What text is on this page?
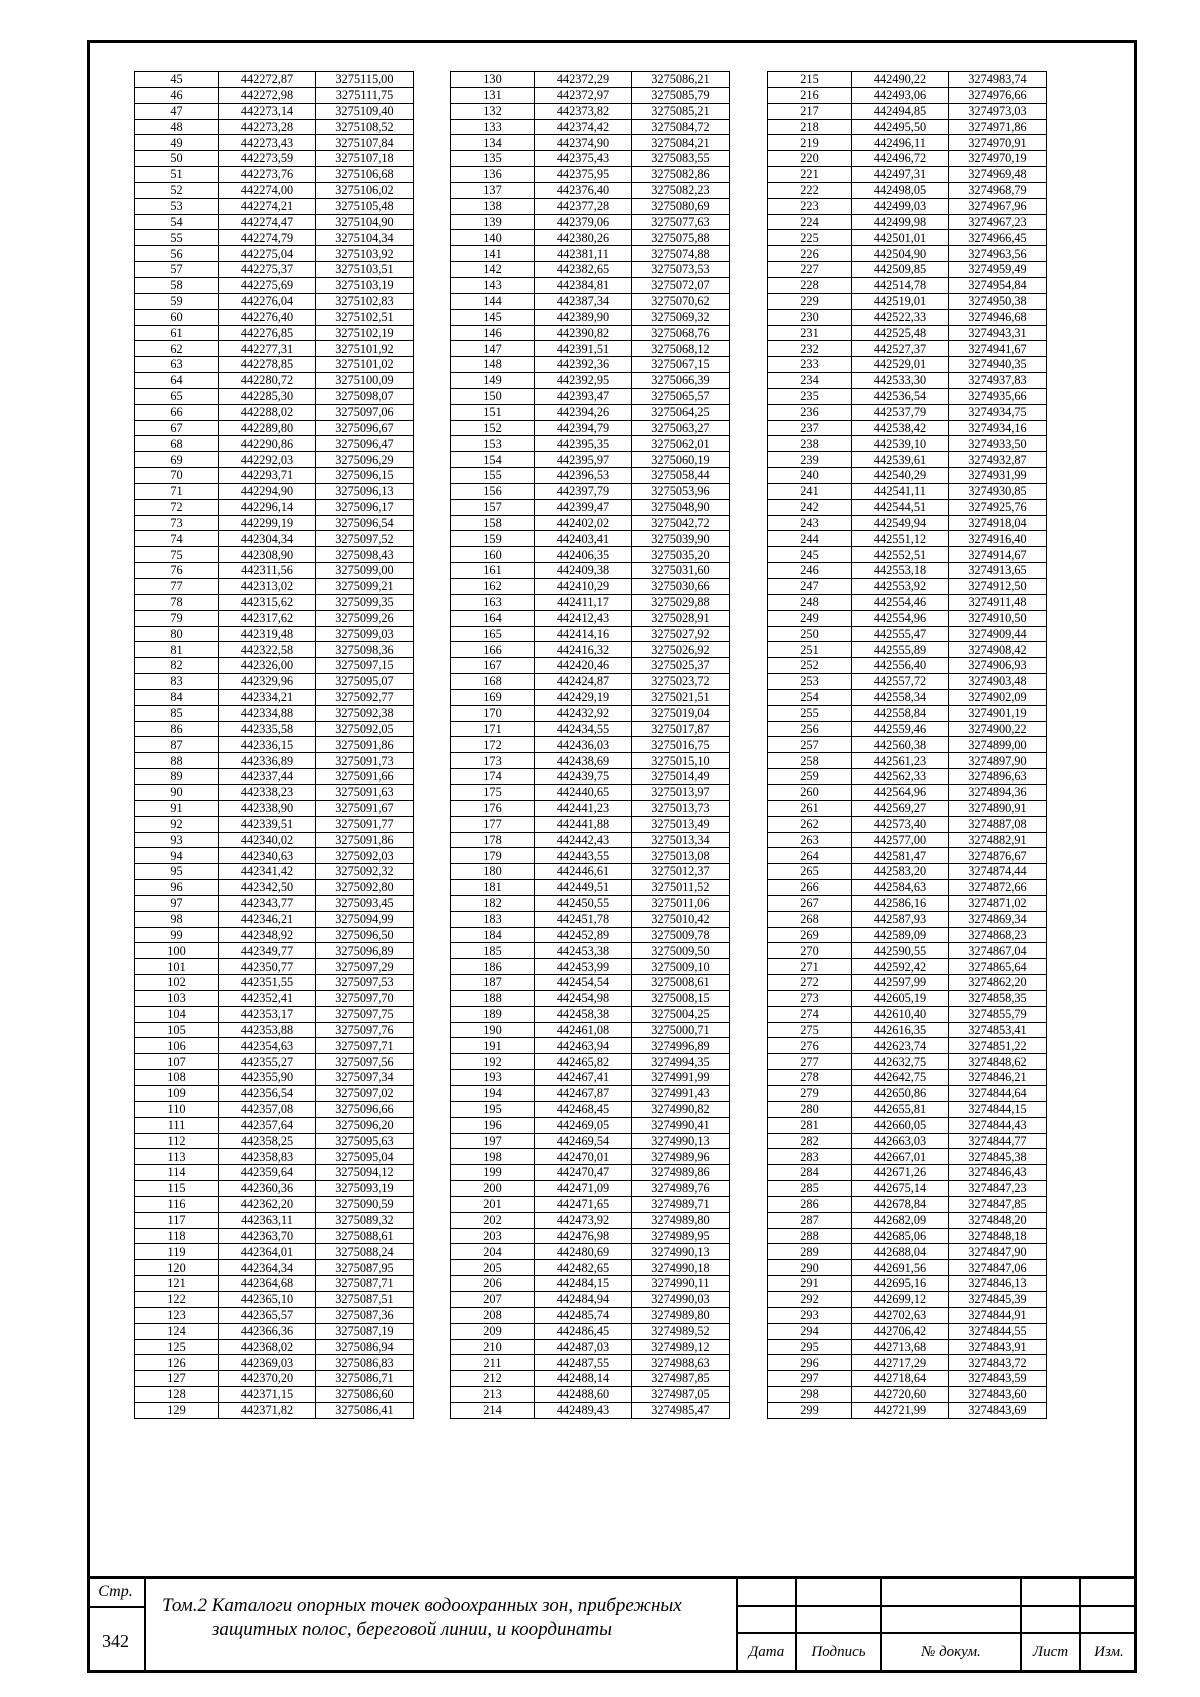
45	442272,87	3275115,00
46	442272,98	3275111,75
47	442273,14	3275109,40
48	442273,28	3275108,52
49	442273,43	3275107,84
50	442273,59	3275107,18
51	442273,76	3275106,68
52	442274,00	3275106,02
53	442274,21	3275105,48
54	442274,47	3275104,90
55	442274,79	3275104,34
56	442275,04	3275103,92
57	442275,37	3275103,51
58	442275,69	3275103,19
59	442276,04	3275102,83
60	442276,40	3275102,51
61	442276,85	3275102,19
62	442277,31	3275101,92
63	442278,85	3275101,02
64	442280,72	3275100,09
65	442285,30	3275098,07
66	442288,02	3275097,06
67	442289,80	3275096,67
68	442290,86	3275096,47
69	442292,03	3275096,29
70	442293,71	3275096,15
71	442294,90	3275096,13
72	442296,14	3275096,17
73	442299,19	3275096,54
74	442304,34	3275097,52
75	442308,90	3275098,43
76	442311,56	3275099,00
77	442313,02	3275099,21
78	442315,62	3275099,35
79	442317,62	3275099,26
80	442319,48	3275099,03
81	442322,58	3275098,36
82	442326,00	3275097,15
83	442329,96	3275095,07
84	442334,21	3275092,77
85	442334,88	3275092,38
86	442335,58	3275092,05
87	442336,15	3275091,86
88	442336,89	3275091,73
89	442337,44	3275091,66
90	442338,23	3275091,63
91	442338,90	3275091,67
92	442339,51	3275091,77
93	442340,02	3275091,86
94	442340,63	3275092,03
95	442341,42	3275092,32
96	442342,50	3275092,80
97	442343,77	3275093,45
98	442346,21	3275094,99
99	442348,92	3275096,50
100	442349,77	3275096,89
101	442350,77	3275097,29
102	442351,55	3275097,53
103	442352,41	3275097,70
104	442353,17	3275097,75
105	442353,88	3275097,76
106	442354,63	3275097,71
107	442355,27	3275097,56
108	442355,90	3275097,34
109	442356,54	3275097,02
110	442357,08	3275096,66
111	442357,64	3275096,20
112	442358,25	3275095,63
113	442358,83	3275095,04
114	442359,64	3275094,12
115	442360,36	3275093,19
116	442362,20	3275090,59
117	442363,11	3275089,32
118	442363,70	3275088,61
119	442364,01	3275088,24
120	442364,34	3275087,95
121	442364,68	3275087,71
122	442365,10	3275087,51
123	442365,57	3275087,36
124	442366,36	3275087,19
125	442368,02	3275086,94
126	442369,03	3275086,83
127	442370,20	3275086,71
128	442371,15	3275086,60
129	442371,82	3275086,41
130	442372,29	3275086,21
131	442372,97	3275085,79
132	442373,82	3275085,21
133	442374,42	3275084,72
134	442374,90	3275084,21
135	442375,43	3275083,55
136	442375,95	3275082,86
137	442376,40	3275082,23
138	442377,28	3275080,69
139	442379,06	3275077,63
140	442380,26	3275075,88
141	442381,11	3275074,88
142	442382,65	3275073,53
143	442384,81	3275072,07
144	442387,34	3275070,62
145	442389,90	3275069,32
146	442390,82	3275068,76
147	442391,51	3275068,12
148	442392,36	3275067,15
149	442392,95	3275066,39
150	442393,47	3275065,57
151	442394,26	3275064,25
152	442394,79	3275063,27
153	442395,35	3275062,01
154	442395,97	3275060,19
155	442396,53	3275058,44
156	442397,79	3275053,96
157	442399,47	3275048,90
158	442402,02	3275042,72
159	442403,41	3275039,90
160	442406,35	3275035,20
161	442409,38	3275031,60
162	442410,29	3275030,66
163	442411,17	3275029,88
164	442412,43	3275028,91
165	442414,16	3275027,92
166	442416,32	3275026,92
167	442420,46	3275025,37
168	442424,87	3275023,72
169	442429,19	3275021,51
170	442432,92	3275019,04
171	442434,55	3275017,87
172	442436,03	3275016,75
173	442438,69	3275015,10
174	442439,75	3275014,49
175	442440,65	3275013,97
176	442441,23	3275013,73
177	442441,88	3275013,49
178	442442,43	3275013,34
179	442443,55	3275013,08
180	442446,61	3275012,37
181	442449,51	3275011,52
182	442450,55	3275011,06
183	442451,78	3275010,42
184	442452,89	3275009,78
185	442453,38	3275009,50
186	442453,99	3275009,10
187	442454,54	3275008,61
188	442454,98	3275008,15
189	442458,38	3275004,25
190	442461,08	3275000,71
191	442463,94	3274996,89
192	442465,82	3274994,35
193	442467,41	3274991,99
194	442467,87	3274991,43
195	442468,45	3274990,82
196	442469,05	3274990,41
197	442469,54	3274990,13
198	442470,01	3274989,96
199	442470,47	3274989,86
200	442471,09	3274989,76
201	442471,65	3274989,71
202	442473,92	3274989,80
203	442476,98	3274989,95
204	442480,69	3274990,13
205	442482,65	3274990,18
206	442484,15	3274990,11
207	442484,94	3274990,03
208	442485,74	3274989,80
209	442486,45	3274989,52
210	442487,03	3274989,12
211	442487,55	3274988,63
212	442488,14	3274987,85
213	442488,60	3274987,05
214	442489,43	3274985,47
215	442490,22	3274983,74
216	442493,06	3274976,66
217	442494,85	3274973,03
218	442495,50	3274971,86
219	442496,11	3274970,91
220	442496,72	3274970,19
221	442497,31	3274969,48
222	442498,05	3274968,79
223	442499,03	3274967,96
224	442499,98	3274967,23
225	442501,01	3274966,45
226	442504,90	3274963,56
227	442509,85	3274959,49
228	442514,78	3274954,84
229	442519,01	3274950,38
230	442522,33	3274946,68
231	442525,48	3274943,31
232	442527,37	3274941,67
233	442529,01	3274940,35
234	442533,30	3274937,83
235	442536,54	3274935,66
236	442537,79	3274934,75
237	442538,42	3274934,16
238	442539,10	3274933,50
239	442539,61	3274932,87
240	442540,29	3274931,99
241	442541,11	3274930,85
242	442544,51	3274925,76
243	442549,94	3274918,04
244	442551,12	3274916,40
245	442552,51	3274914,67
246	442553,18	3274913,65
247	442553,92	3274912,50
248	442554,46	3274911,48
249	442554,96	3274910,50
250	442555,47	3274909,44
251	442555,89	3274908,42
252	442556,40	3274906,93
253	442557,72	3274903,48
254	442558,34	3274902,09
255	442558,84	3274901,19
256	442559,46	3274900,22
257	442560,38	3274899,00
258	442561,23	3274897,90
259	442562,33	3274896,63
260	442564,96	3274894,36
261	442569,27	3274890,91
262	442573,40	3274887,08
263	442577,00	3274882,91
264	442581,47	3274876,67
265	442583,20	3274874,44
266	442584,63	3274872,66
267	442586,16	3274871,02
268	442587,93	3274869,34
269	442589,09	3274868,23
270	442590,55	3274867,04
271	442592,42	3274865,64
272	442597,99	3274862,20
273	442605,19	3274858,35
274	442610,40	3274855,79
275	442616,35	3274853,41
276	442623,74	3274851,22
277	442632,75	3274848,62
278	442642,75	3274846,21
279	442650,86	3274844,64
280	442655,81	3274844,15
281	442660,05	3274844,43
282	442663,03	3274844,77
283	442667,01	3274845,38
284	442671,26	3274846,43
285	442675,14	3274847,23
286	442678,84	3274847,85
287	442682,09	3274848,20
288	442685,06	3274848,18
289	442688,04	3274847,90
290	442691,56	3274847,06
291	442695,16	3274846,13
292	442699,12	3274845,39
293	442702,63	3274844,91
294	442706,42	3274844,55
295	442713,68	3274843,91
296	442717,29	3274843,72
297	442718,64	3274843,59
298	442720,60	3274843,60
299	442721,99	3274843,69
Стр.
342
Том.2 Каталоги опорных точек водоохранных зон, прибрежных
защитных полос, береговой линии, и координаты
Дата	Подпись	№ докум.	Лист	Изм.
